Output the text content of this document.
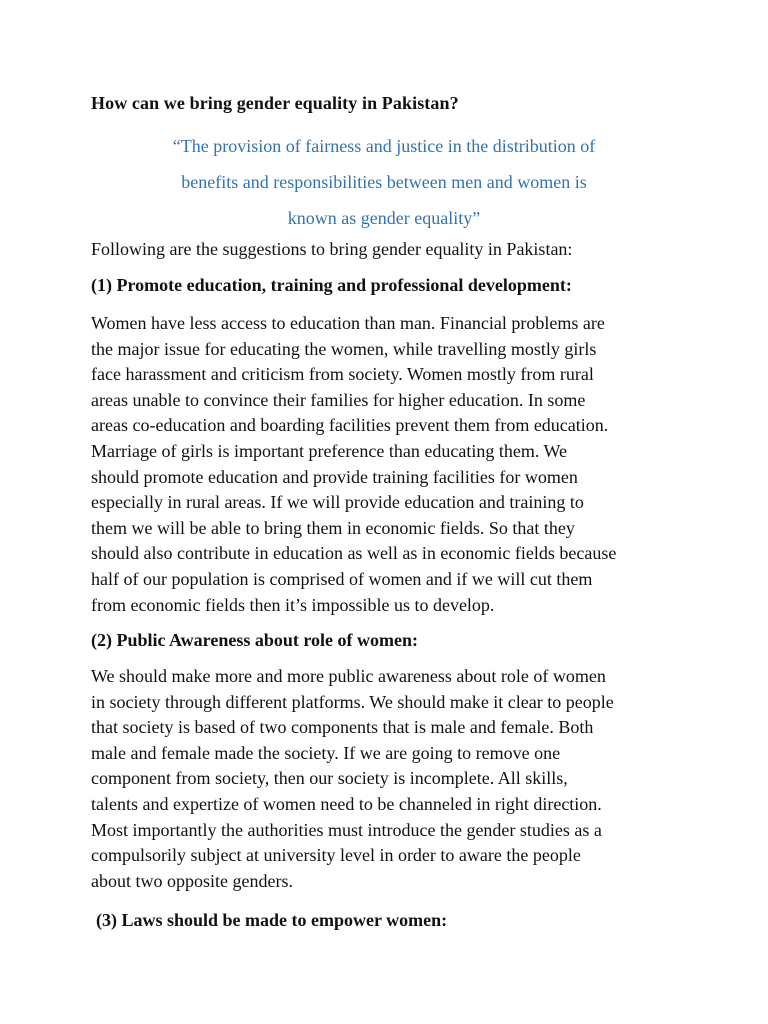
How can we bring gender equality in Pakistan?
“The provision of fairness and justice in the distribution of
benefits and responsibilities between men and women is
known as gender equality”
Following are the suggestions to bring gender equality in Pakistan:
(1) Promote education, training and professional development:
Women have less access to education than man. Financial problems are
the major issue for educating the women, while travelling mostly girls
face harassment and criticism from society. Women mostly from rural
areas unable to convince their families for higher education. In some
areas co-education and boarding facilities prevent them from education.
Marriage of girls is important preference than educating them. We
should promote education and provide training facilities for women
especially in rural areas. If we will provide education and training to
them we will be able to bring them in economic fields. So that they
should also contribute in education as well as in economic fields because
half of our population is comprised of women and if we will cut them
from economic fields then it’s impossible us to develop.
(2) Public Awareness about role of women:
We should make more and more public awareness about role of women
in society through different platforms. We should make it clear to people
that society is based of two components that is male and female. Both
male and female made the society. If we are going to remove one
component from society, then our society is incomplete. All skills,
talents and expertize of women need to be channeled in right direction.
Most importantly the authorities must introduce the gender studies as a
compulsorily subject at university level in order to aware the people
about two opposite genders.
(3) Laws should be made to empower women:
